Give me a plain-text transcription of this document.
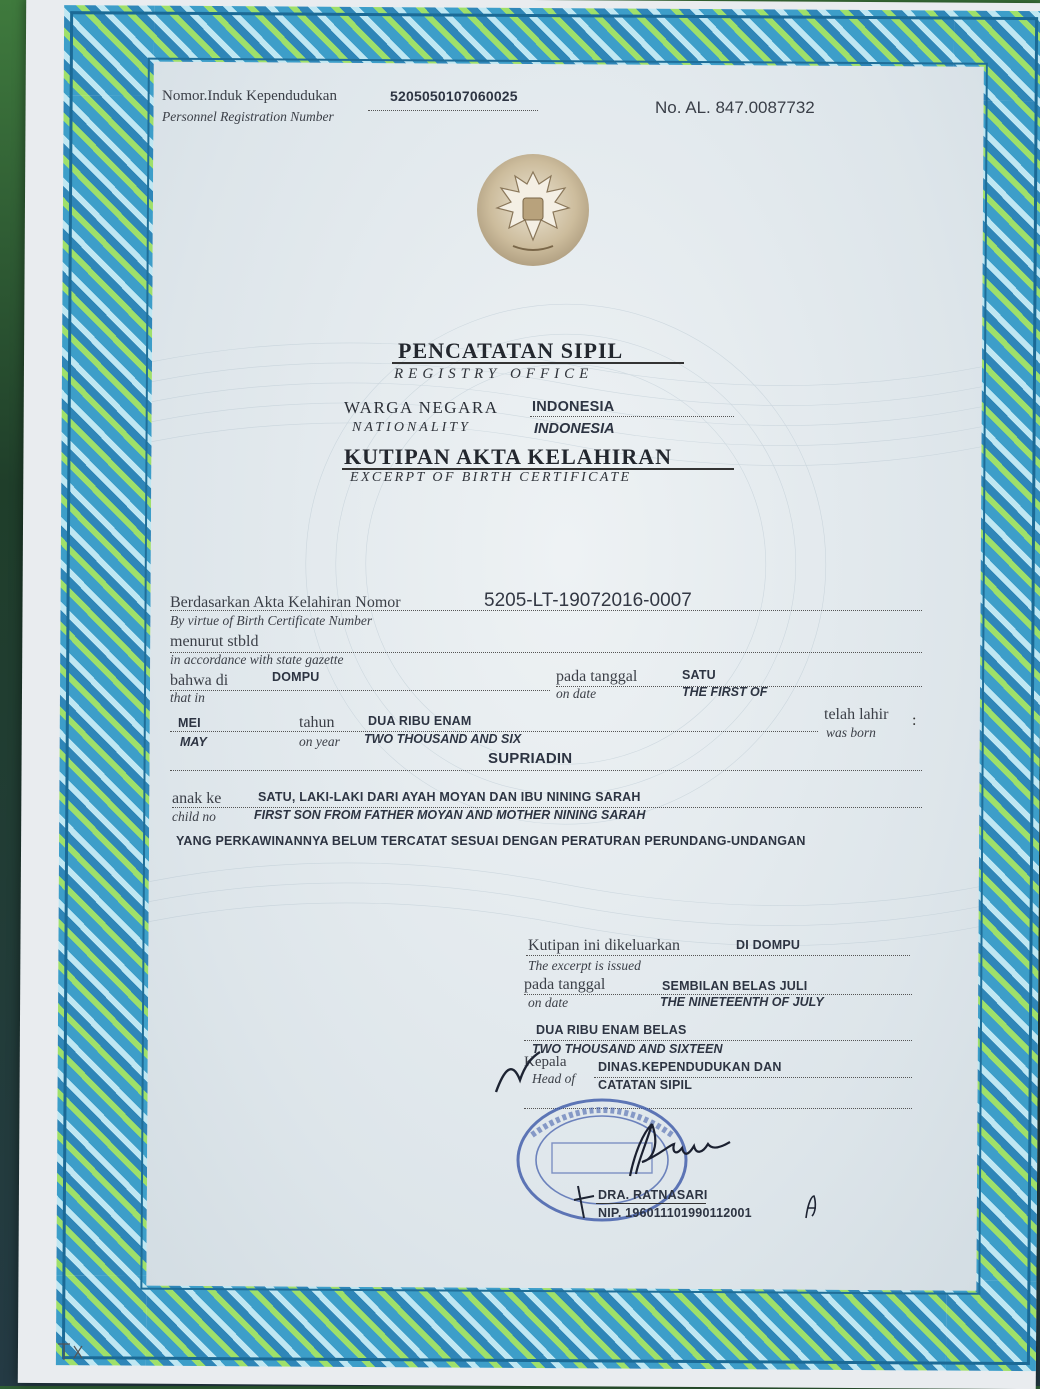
Nomor.Induk Kependudukan
Personnel Registration Number
5205050107060025
No. AL. 847.0087732
PENCATATAN SIPIL
REGISTRY OFFICE
WARGA NEGARA INDONESIA
NATIONALITY	INDONESIA
KUTIPAN AKTA KELAHIRAN
EXCERPT OF BIRTH CERTIFICATE
Berdasarkan Akta Kelahiran Nomor
By virtue of Birth Certificate Number
5205-LT-19072016-0007
menurut stbld
in accordance with state gazette
bahwa di	DOMPU
that in
pada tanggal	SATU
on date	THE FIRST OF
MEI
MAY
tahun
on year
DUA RIBU ENAM
TWO THOUSAND AND SIX
telah lahir :
was born
SUPRIADIN
anak ke
child no
SATU, LAKI-LAKI DARI AYAH MOYAN DAN IBU NINING SARAH
FIRST SON FROM FATHER MOYAN AND MOTHER NINING SARAH
YANG PERKAWINANNYA BELUM TERCATAT SESUAI DENGAN PERATURAN PERUNDANG-UNDANGAN
Kutipan ini dikeluarkan	DI DOMPU
The excerpt is issued
pada tanggal	SEMBILAN BELAS JULI
on date	THE NINETEENTH OF JULY
DUA RIBU ENAM BELAS
TWO THOUSAND AND SIXTEEN
Kepala
Head of
DINAS.KEPENDUDUKAN DAN
CATATAN SIPIL
DRA. RATNASARI
NIP. 196011101990112001
